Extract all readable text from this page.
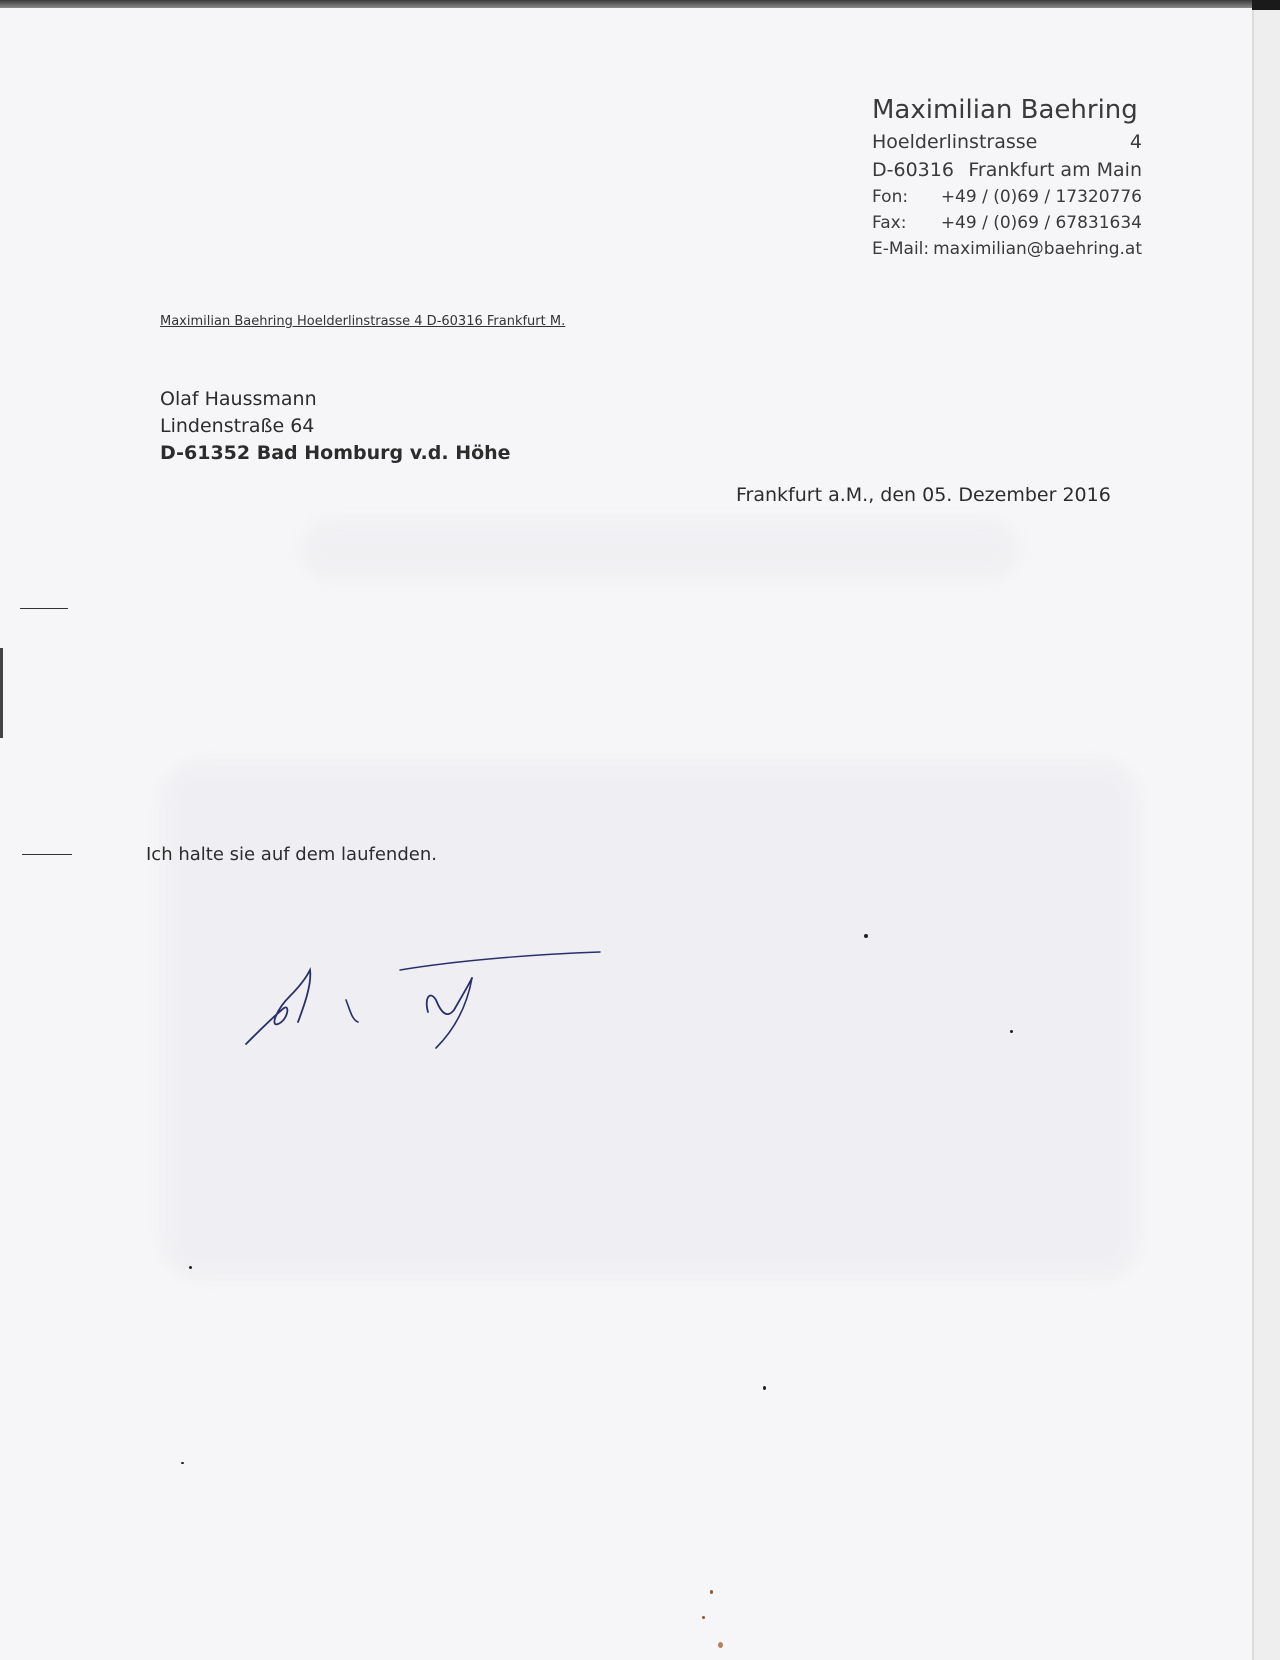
Maximilian Baehring
Hoelderlinstrasse	4
D-60316 Frankfurt am Main
Fon:	+49 / (0)69 / 17320776
Fax:	+49 / (0)69 / 67831634
E-Mail: maximilian@baehring.at
Maximilian Baehring Hoelderlinstrasse 4 D-60316 Frankfurt M.
Olaf Haussmann
Lindenstraße 64
D-61352 Bad Homburg v.d. Höhe
Frankfurt a.M., den 05. Dezember 2016
Ich halte sie auf dem laufenden.
